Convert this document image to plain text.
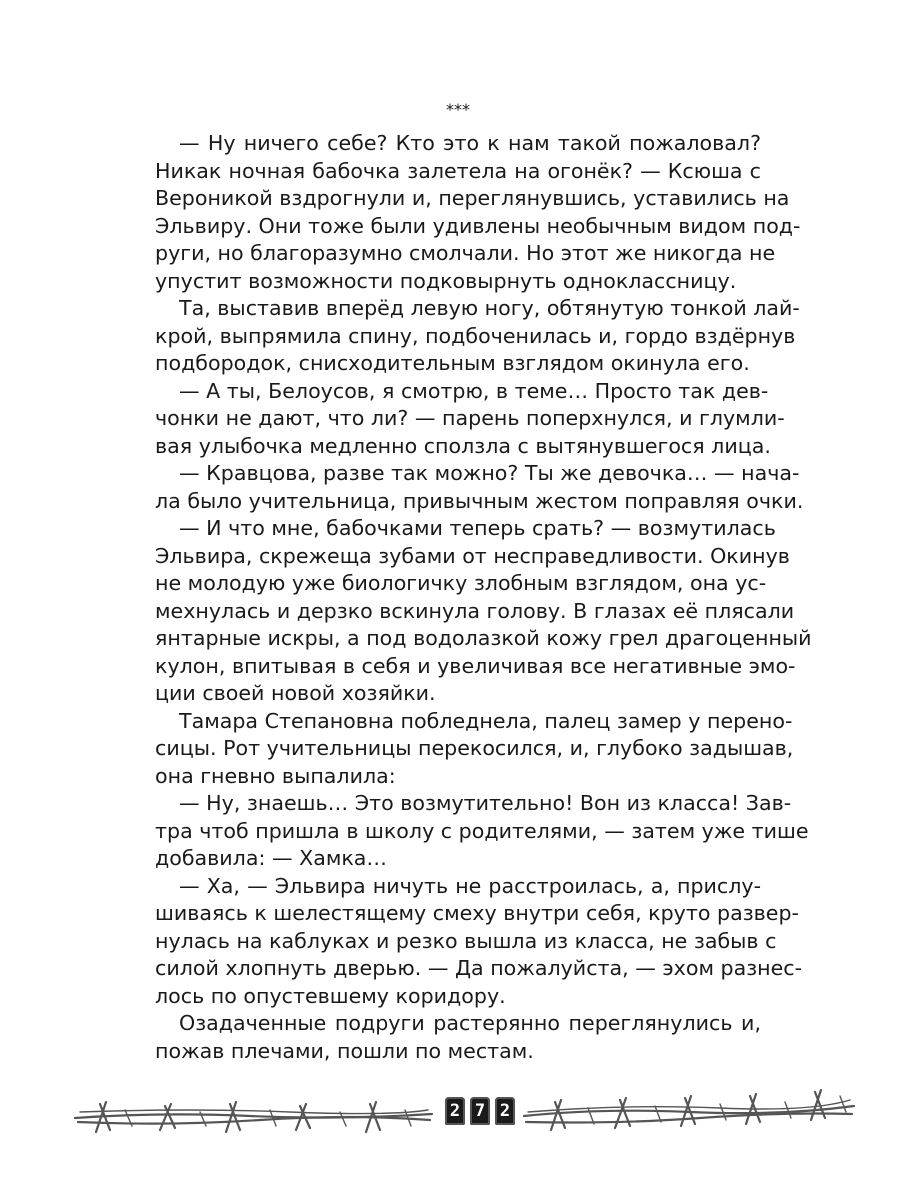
***
— Ну ничего себе? Кто это к нам такой пожаловал?
Никак ночная бабочка залетела на огонёк? — Ксюша с
Вероникой вздрогнули и, переглянувшись, уставились на
Эльвиру. Они тоже были удивлены необычным видом под-
руги, но благоразумно смолчали. Но этот же никогда не
упустит возможности подковырнуть одноклассницу.
Та, выставив вперёд левую ногу, обтянутую тонкой лай-
крой, выпрямила спину, подбоченилась и, гордо вздёрнув
подбородок, снисходительным взглядом окинула его.
— А ты, Белоусов, я смотрю, в теме… Просто так дев-
чонки не дают, что ли? — парень поперхнулся, и глумли-
вая улыбочка медленно сползла с вытянувшегося лица.
— Кравцова, разве так можно? Ты же девочка… — нача-
ла было учительница, привычным жестом поправляя очки.
— И что мне, бабочками теперь срать? — возмутилась
Эльвира, скрежеща зубами от несправедливости. Окинув
не молодую уже биологичку злобным взглядом, она ус-
мехнулась и дерзко вскинула голову. В глазах её плясали
янтарные искры, а под водолазкой кожу грел драгоценный
кулон, впитывая в себя и увеличивая все негативные эмо-
ции своей новой хозяйки.
Тамара Степановна побледнела, палец замер у перено-
сицы. Рот учительницы перекосился, и, глубоко задышав,
она гневно выпалила:
— Ну, знаешь… Это возмутительно! Вон из класса! Зав-
тра чтоб пришла в школу с родителями, — затем уже тише
добавила: — Хамка…
— Ха, — Эльвира ничуть не расстроилась, а, прислу-
шиваясь к шелестящему смеху внутри себя, круто развер-
нулась на каблуках и резко вышла из класса, не забыв с
силой хлопнуть дверью. — Да пожалуйста, — эхом разнес-
лось по опустевшему коридору.
Озадаченные подруги растерянно переглянулись и,
пожав плечами, пошли по местам.
2 7 2
